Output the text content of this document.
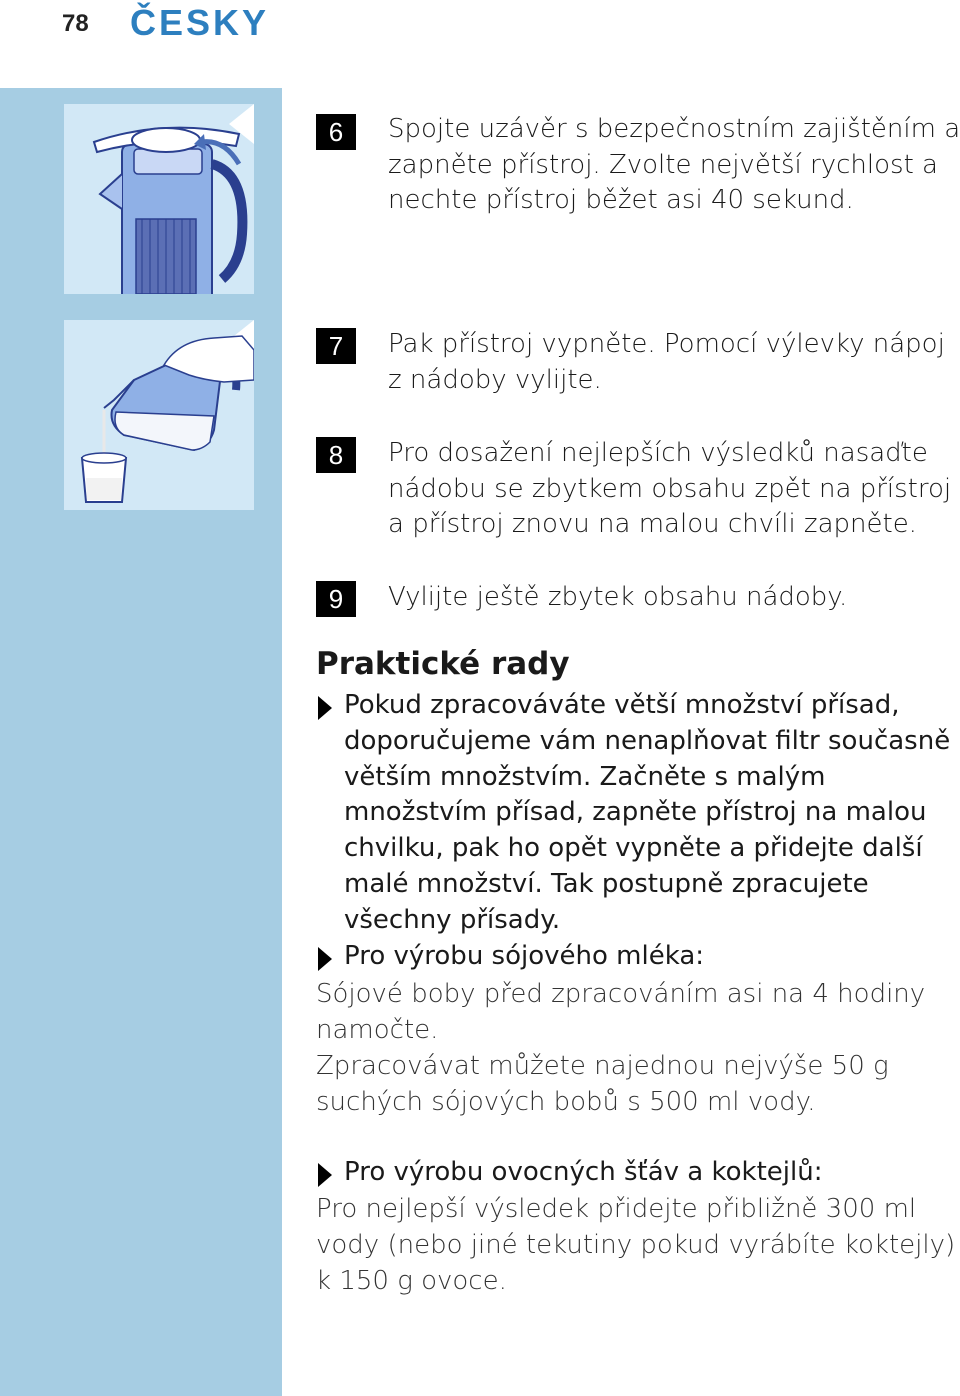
78 ČESKY
6	Spojte uzávěr s bezpečnostním zajištěním a
zapněte přístroj. Zvolte největší rychlost a
nechte přístroj běžet asi 40 sekund.
7	Pak přístroj vypněte. Pomocí výlevky nápoj
z nádoby vylijte.
8	Pro dosažení nejlepších výsledků nasaďte
nádobu se zbytkem obsahu zpět na přístroj
a přístroj znovu na malou chvíli zapněte.
9	Vylijte ještě zbytek obsahu nádoby.
Praktické rady
Pokud zpracováváte větší množství přísad,
doporučujeme vám nenaplňovat filtr současně
větším množstvím. Začněte s malým
množstvím přísad, zapněte přístroj na malou
chvilku, pak ho opět vypněte a přidejte další
malé množství. Tak postupně zpracujete
všechny přísady.
Pro výrobu sójového mléka:
Sójové boby před zpracováním asi na 4 hodiny
namočte.
Zpracovávat můžete najednou nejvýše 50 g
suchých sójových bobů s 500 ml vody.
Pro výrobu ovocných šťáv a koktejlů:
Pro nejlepší výsledek přidejte přibližně 300 ml
vody (nebo jiné tekutiny pokud vyrábíte koktejly)
k 150 g ovoce.
